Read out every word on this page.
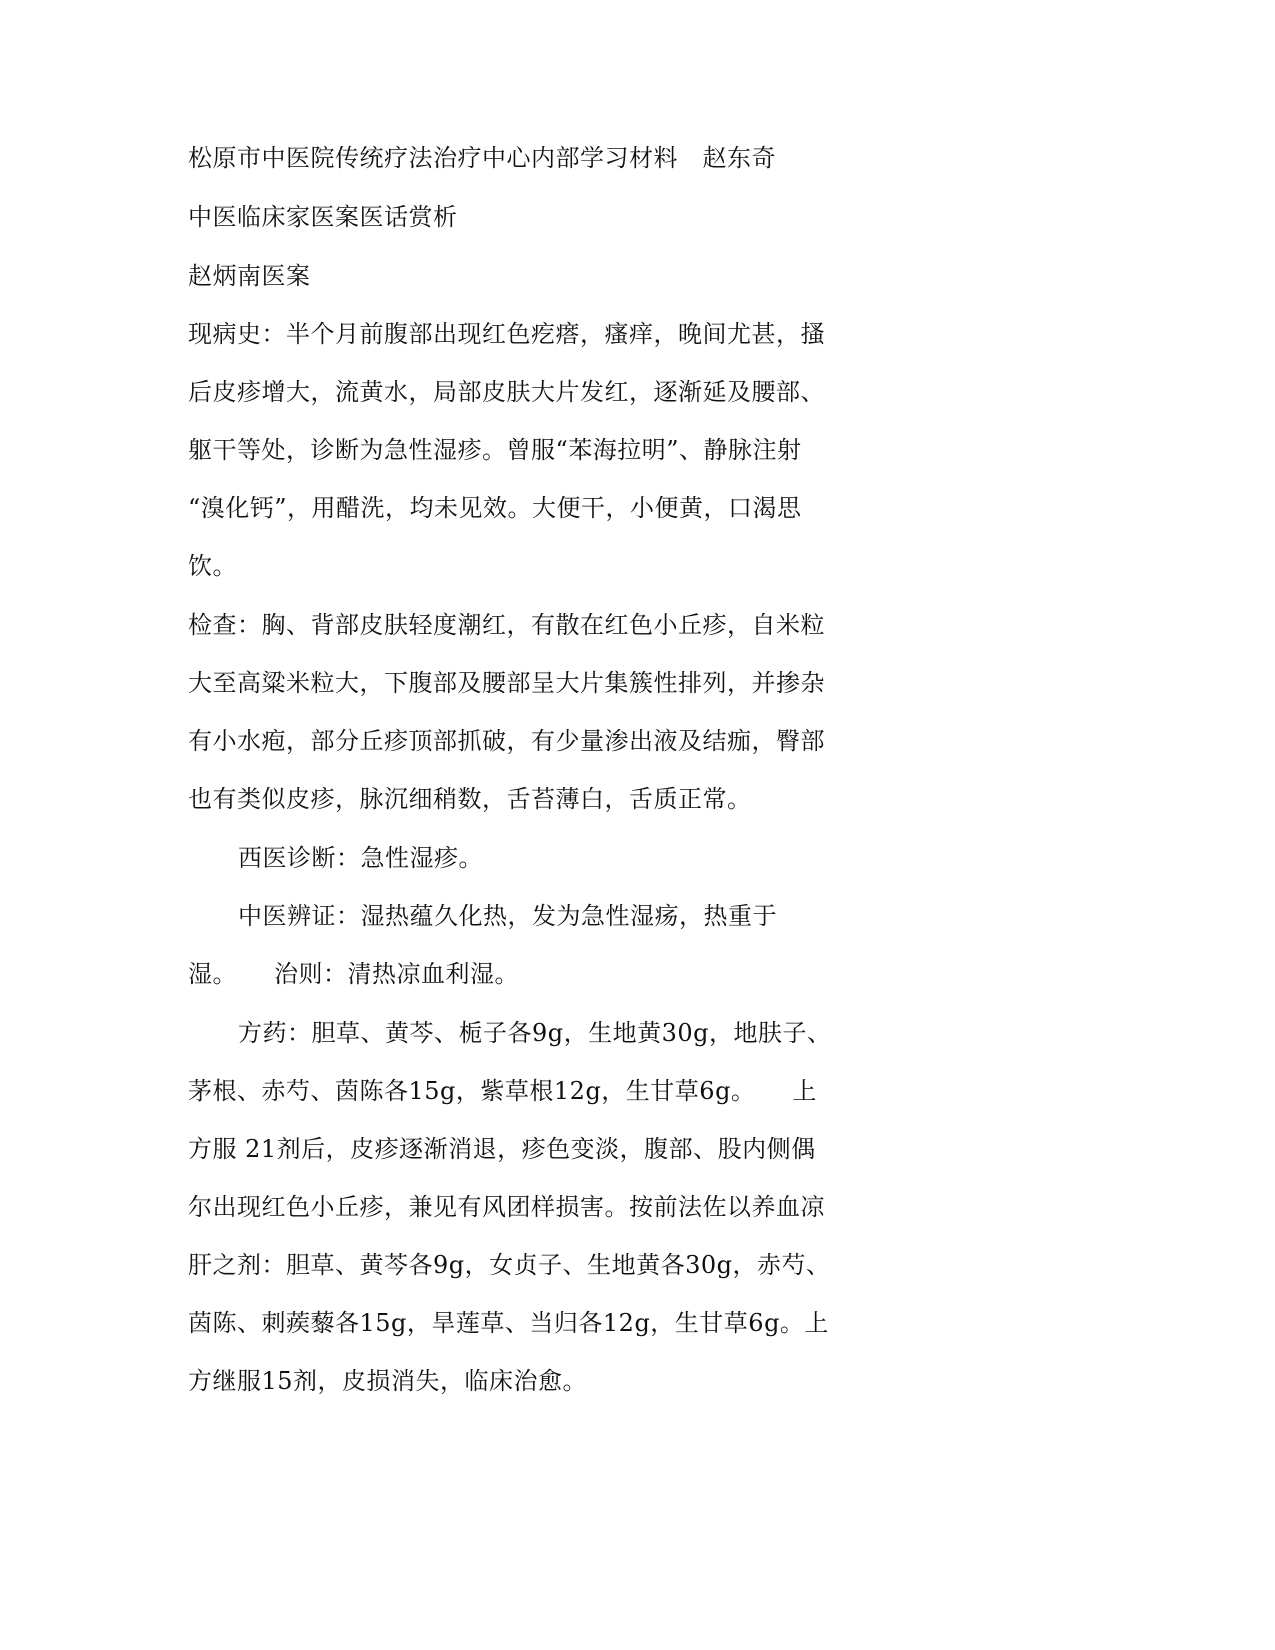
松原市中医院传统疗法治疗中心内部学习材料　赵东奇
中医临床家医案医话赏析
赵炳南医案
现病史：半个月前腹部出现红色疙瘩，瘙痒，晚间尤甚，搔
后皮疹增大，流黄水，局部皮肤大片发红，逐渐延及腰部、
躯干等处，诊断为急性湿疹。曾服“苯海拉明”、静脉注射
“溴化钙”，用醋洗，均未见效。大便干，小便黄，口渴思
饮。
检查：胸、背部皮肤轻度潮红，有散在红色小丘疹，自米粒
大至高粱米粒大，下腹部及腰部呈大片集簇性排列，并掺杂
有小水疱，部分丘疹顶部抓破，有少量渗出液及结痂，臀部
也有类似皮疹，脉沉细稍数，舌苔薄白，舌质正常。
西医诊断：急性湿疹。
中医辨证：湿热蕴久化热，发为急性湿疡，热重于
湿。　　治则：清热凉血利湿。
方药：胆草、黄芩、栀子各9g，生地黄30g，地肤子、
茅根、赤芍、茵陈各15g，紫草根12g，生甘草6g。　　上
方服 21剂后，皮疹逐渐消退，疹色变淡，腹部、股内侧偶
尔出现红色小丘疹，兼见有风团样损害。按前法佐以养血凉
肝之剂：胆草、黄芩各9g，女贞子、生地黄各30g，赤芍、
茵陈、刺蒺藜各15g，旱莲草、当归各12g，生甘草6g。上
方继服15剂，皮损消失，临床治愈。
